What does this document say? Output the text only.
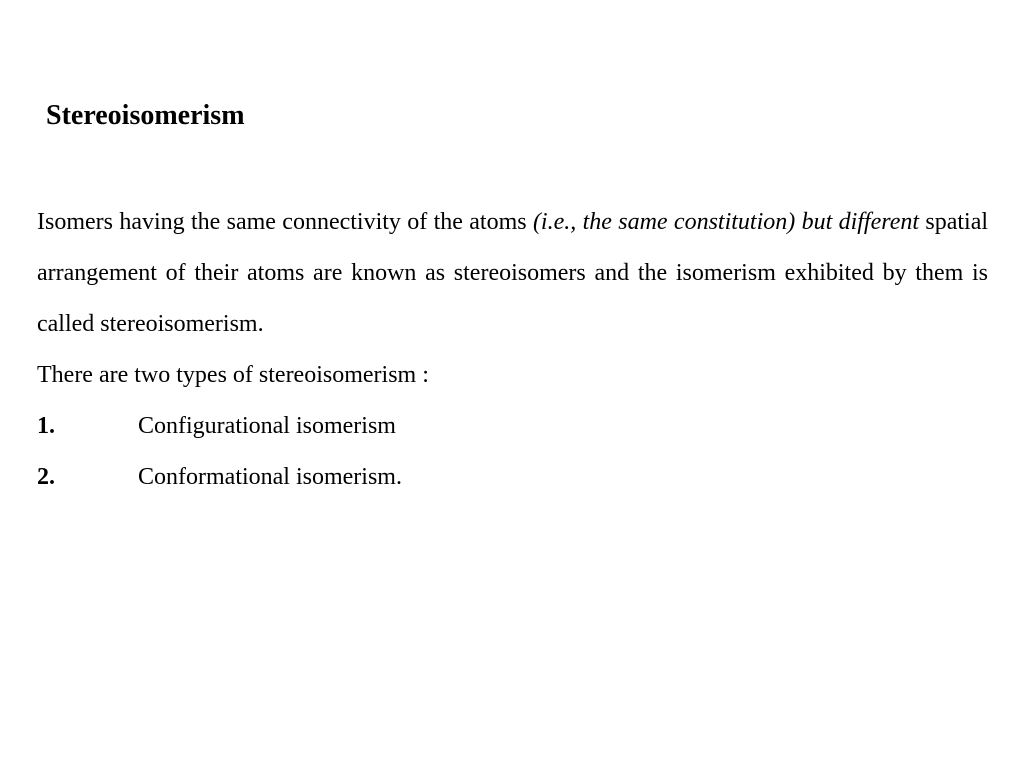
Stereoisomerism

Isomers having the same connectivity of the atoms (i.e., the same constitution) but different spatial arrangement of their atoms are known as stereoisomers and the isomerism exhibited by them is called stereoisomerism.

There are two types of stereoisomerism :

1.	Configurational isomerism

2.	Conformational isomerism.
